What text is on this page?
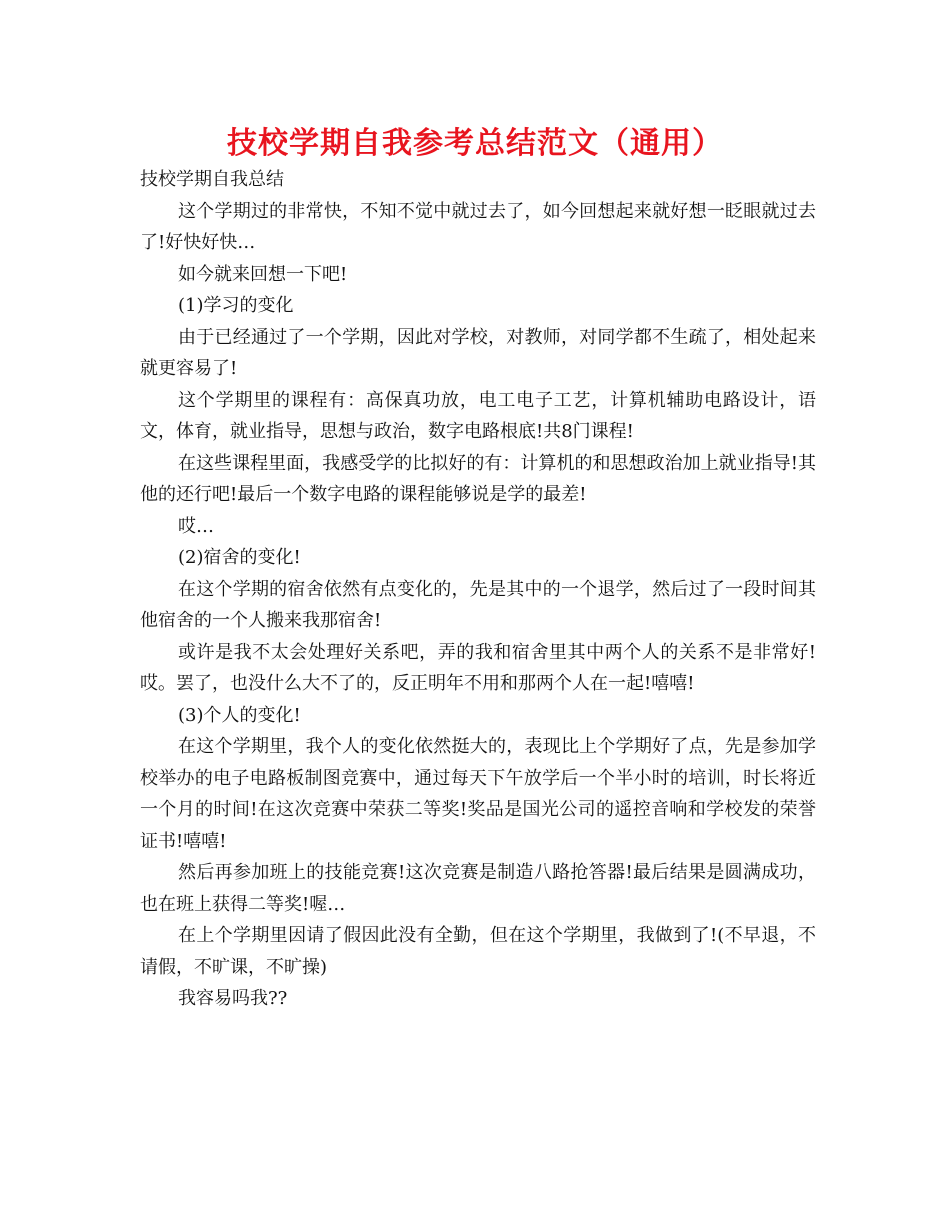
技校学期自我参考总结范文（通用）

技校学期自我总结

这个学期过的非常快，不知不觉中就过去了，如今回想起来就好想一眨眼就过去了!好快好快…

如今就来回想一下吧!

(1)学习的变化

由于已经通过了一个学期，因此对学校，对教师，对同学都不生疏了，相处起来就更容易了!

这个学期里的课程有：高保真功放，电工电子工艺，计算机辅助电路设计，语文，体育，就业指导，思想与政治，数字电路根底!共8门课程!

在这些课程里面，我感受学的比拟好的有：计算机的和思想政治加上就业指导!其他的还行吧!最后一个数字电路的课程能够说是学的最差!

哎…

(2)宿舍的变化!

在这个学期的宿舍依然有点变化的，先是其中的一个退学，然后过了一段时间其他宿舍的一个人搬来我那宿舍!

或许是我不太会处理好关系吧，弄的我和宿舍里其中两个人的关系不是非常好!哎。罢了，也没什么大不了的，反正明年不用和那两个人在一起!嘻嘻!

(3)个人的变化!

在这个学期里，我个人的变化依然挺大的，表现比上个学期好了点，先是参加学校举办的电子电路板制图竞赛中，通过每天下午放学后一个半小时的培训，时长将近一个月的时间!在这次竞赛中荣获二等奖!奖品是国光公司的遥控音响和学校发的荣誉证书!嘻嘻!

然后再参加班上的技能竞赛!这次竞赛是制造八路抢答器!最后结果是圆满成功，也在班上获得二等奖!喔…

在上个学期里因请了假因此没有全勤，但在这个学期里，我做到了!(不早退，不请假，不旷课，不旷操)

我容易吗我??
